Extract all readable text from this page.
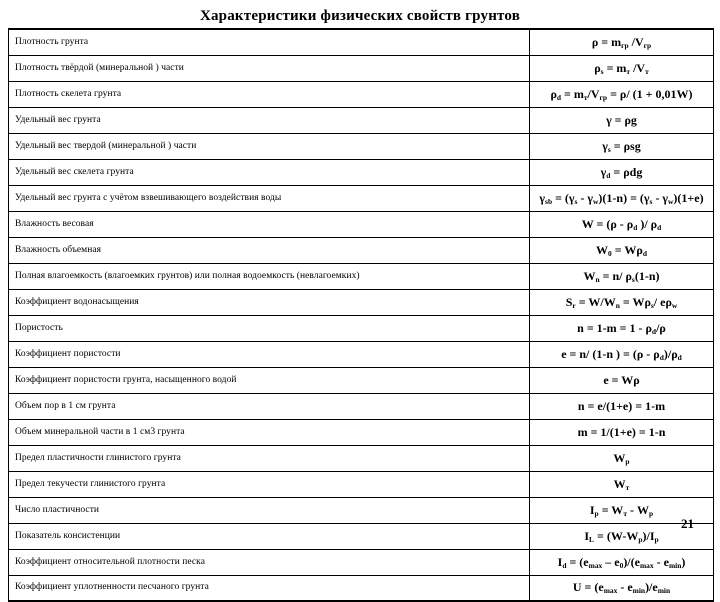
Характеристики физических свойств грунтов
Плотность грунта	$\rho = m_{гр}$ $/V_{гр}$
Плотность твёрдой (минеральной ) части	$\rho_s = m_т$ $/V_т$
Плотность скелета грунта	$\rho_d = m_т/V_{гр} = \rho/$ (1 + 0,01W)
Удельный вес грунта	γ = ρg
Удельный вес твердой (минеральной ) части	$\gamma_s = \rho sg$
Удельный вес скелета грунта	$\gamma_d = \rho dg$
Удельный вес грунта с учётом взвешивающего воздействия воды	$\gamma_{sb} = (\gamma_s - \gamma_w)(1-n) = (\gamma_s - \gamma_w)(1+e)$
Влажность весовая	$W = (\rho - \rho_d$ )/ $\rho_d$
Влажность объемная	$W_0 = W\rho_d$
Полная влагоемкость (влагоемких грунтов) или полная водоемкость (невлагоемких)	$W_n = n/$ $\rho_s(1-n)$
Коэффициент водонасыщения	$S_r = W/W_n = W\rho_s/$ $e\rho_w$
Пористость	$n = 1-m = 1 - \rho_d/\rho$
Коэффициент пористости	e = n/ (1-n ) = $(\rho - \rho_d)/\rho_d$
Коэффициент пористости грунта, насыщенного водой	e = Wρ
Объем пор в 1 см грунта	n = e/(1+e) = 1-m
Объем минеральной части в 1 см3 грунта	m = 1/(1+e) = 1-n
Предел пластичности глинистого грунта	$W_p$
Предел текучести глинистого грунта	$W_т$
Число пластичности	$I_p = W_т - W_p$
Показатель консистенции	$I_L = (W-W_p)/I_p$
Коэффициент относительной плотности песка	$I_d = (e_{max} - e_0)/(e_{max} - e_{min})$
Коэффициент уплотненности песчаного грунта	$U = (e_{max} - e_{min})/e_{min}$
21
